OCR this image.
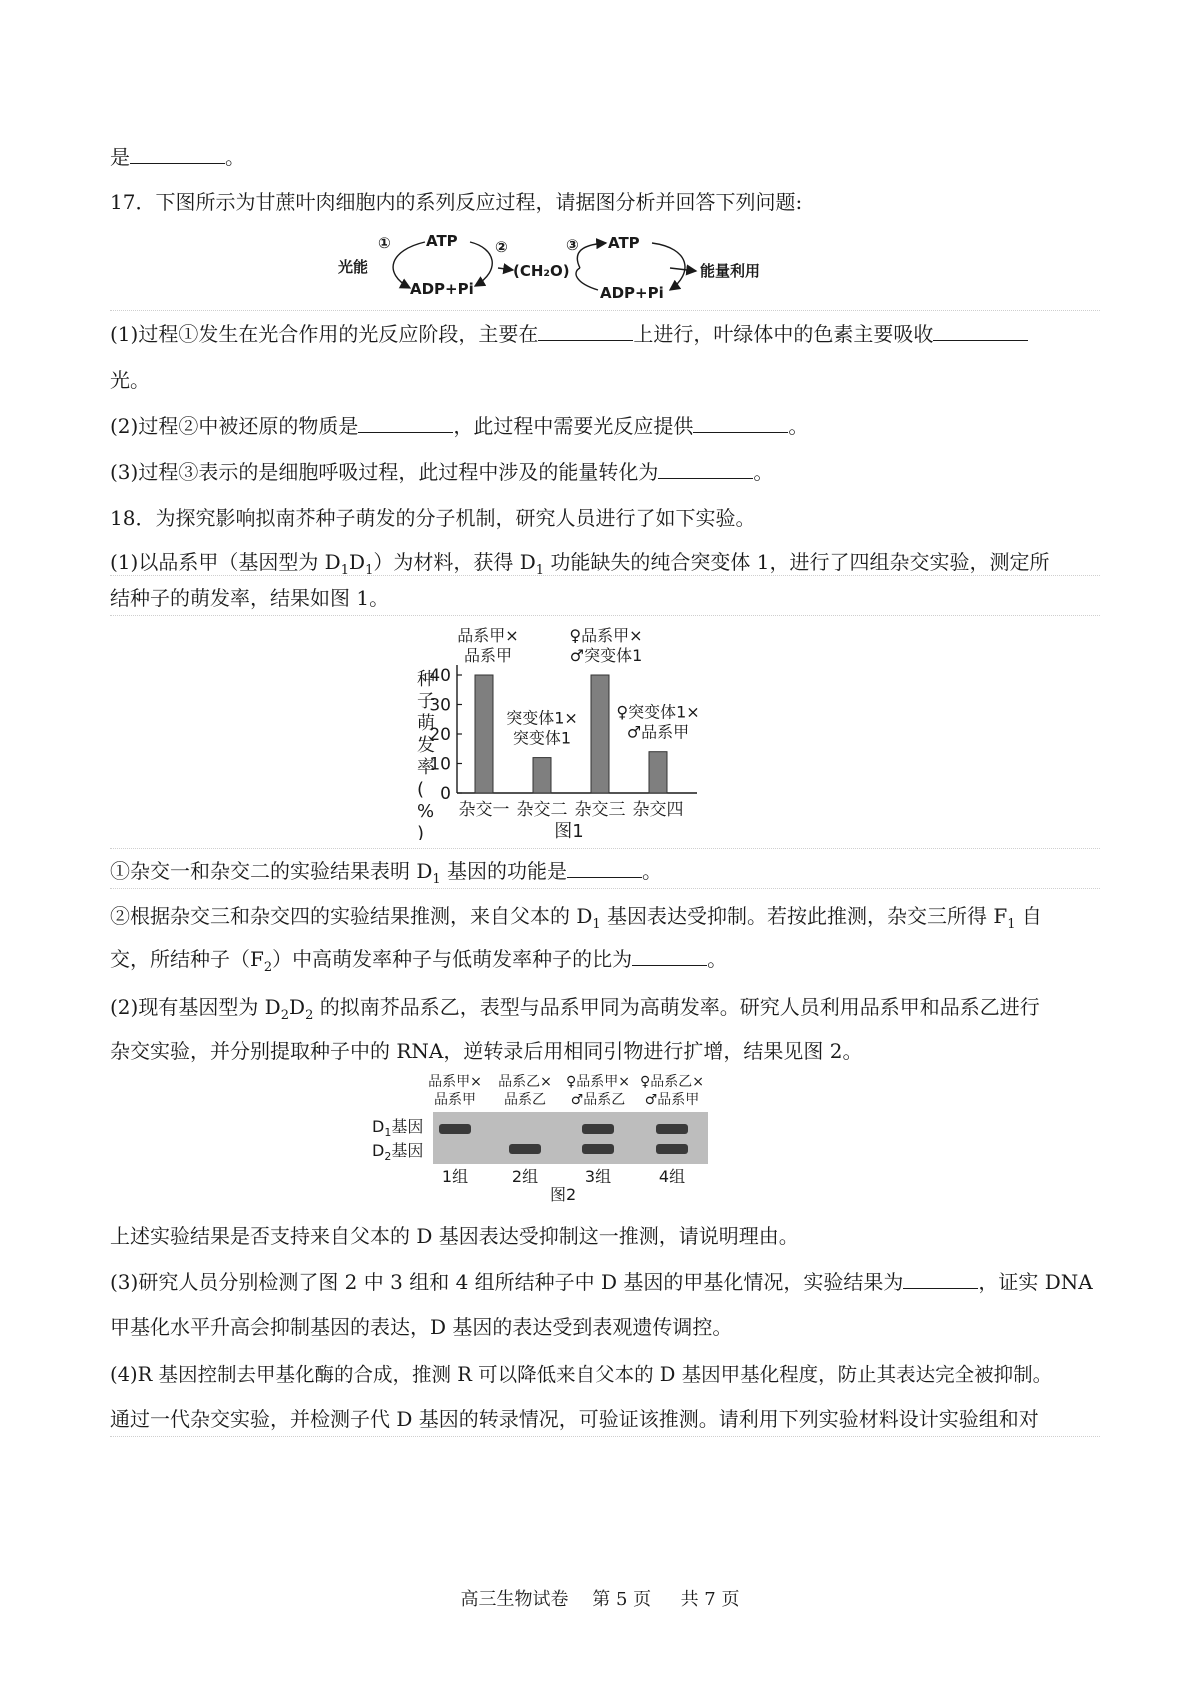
是	。
17．下图所示为甘蔗叶肉细胞内的系列反应过程，请据图分析并回答下列问题:
光能
① ATP ②
ADP+Pi
(CH₂O)
③ ATP
ADP+Pi
能量利用
(1)过程①发生在光合作用的光反应阶段，主要在	上进行，叶绿体中的色素主要吸收
光。
(2)过程②中被还原的物质是	，此过程中需要光反应提供	。
(3)过程③表示的是细胞呼吸过程，此过程中涉及的能量转化为	。
18．为探究影响拟南芥种子萌发的分子机制，研究人员进行了如下实验。
(1)以品系甲（基因型为 $D_1D_1$）为材料，获得 $D_1$ 功能缺失的纯合突变体 1，进行了四组杂交实验，测定所
结种子的萌发率，结果如图 1。
0
10
20
30
40
种子萌发率( % )
杂交一
品系甲×
品系甲
杂交二
突变体1×
突变体1
杂交三
♀品系甲×
♂突变体1
杂交四
♀突变体1×
♂品系甲
图1
①杂交一和杂交二的实验结果表明 $D_1$ 基因的功能是	。
②根据杂交三和杂交四的实验结果推测，来自父本的 $D_1$ 基因表达受抑制。若按此推测，杂交三所得 $F_1$ 自
交，所结种子$(F_2)$中高萌发率种子与低萌发率种子的比为	。
(2)现有基因型为 $D_2D_2$ 的拟南芥品系乙，表型与品系甲同为高萌发率。研究人员利用品系甲和品系乙进行
杂交实验，并分别提取种子中的 RNA，逆转录后用相同引物进行扩增，结果见图 2。
品系甲×
品系甲
品系乙×
品系乙
♀品系甲×
♂品系乙
♀品系乙×
♂品系甲
1组	2组	3组	4组
$D_1$基因
$D_2$基因
图2
上述实验结果是否支持来自父本的 D 基因表达受抑制这一推测，请说明理由。
(3)研究人员分别检测了图 2 中 3 组和 4 组所结种子中 D 基因的甲基化情况，实验结果为	，证实 DNA
甲基化水平升高会抑制基因的表达，D 基因的表达受到表观遗传调控。
(4)R 基因控制去甲基化酶的合成，推测 R 可以降低来自父本的 D 基因甲基化程度，防止其表达完全被抑制。
通过一代杂交实验，并检测子代 D 基因的转录情况，可验证该推测。请利用下列实验材料设计实验组和对
高三生物试卷　 第 5 页 　 共 7 页
